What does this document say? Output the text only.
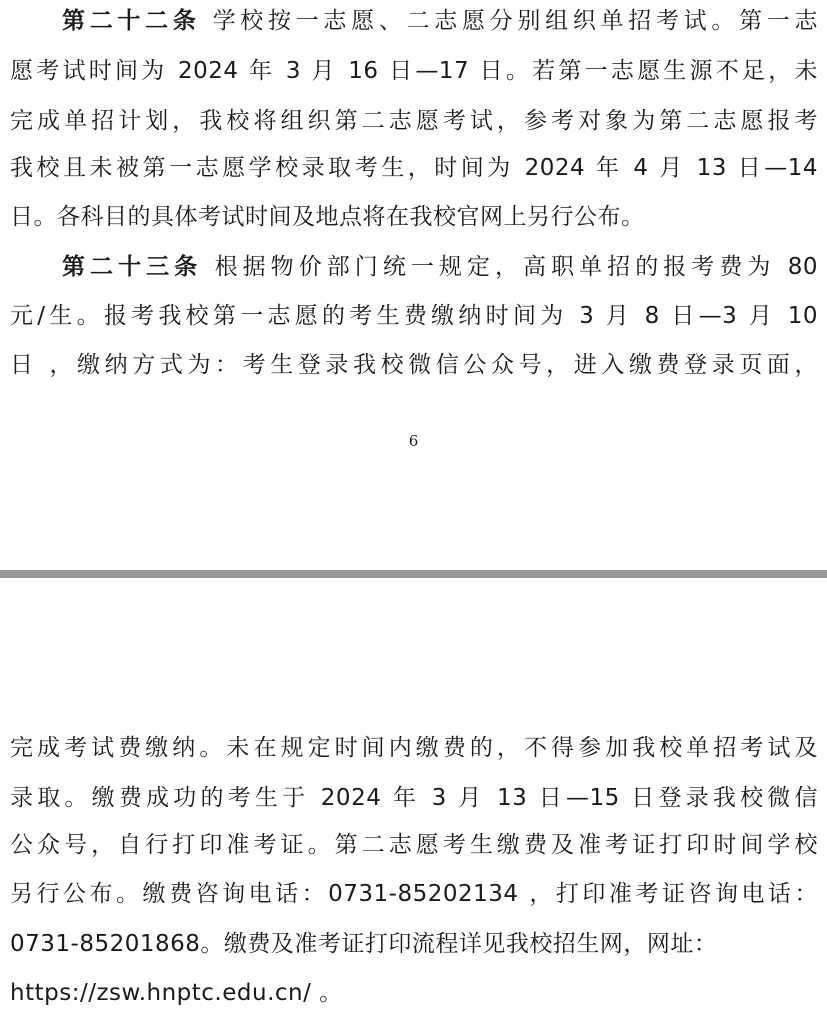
第二十二条 学校按一志愿、二志愿分别组织单招考试。第一志
愿考试时间为 2024 年 3 月 16 日—17 日。若第一志愿生源不足，未
完成单招计划，我校将组织第二志愿考试，参考对象为第二志愿报考
我校且未被第一志愿学校录取考生，时间为 2024 年 4 月 13 日—14
日。各科目的具体考试时间及地点将在我校官网上另行公布。
第二十三条 根据物价部门统一规定，高职单招的报考费为 80
元/生。报考我校第一志愿的考生费缴纳时间为 3 月 8 日—3 月 10
日 ，缴纳方式为：考生登录我校微信公众号，进入缴费登录页面，
6
完成考试费缴纳。未在规定时间内缴费的，不得参加我校单招考试及
录取。缴费成功的考生于 2024 年 3 月 13 日—15 日登录我校微信
公众号，自行打印准考证。第二志愿考生缴费及准考证打印时间学校
另行公布。缴费咨询电话：0731-85202134 ，打印准考证咨询电话：
0731-85201868。缴费及准考证打印流程详见我校招生网，网址：
https://zsw.hnptc.edu.cn/ 。
